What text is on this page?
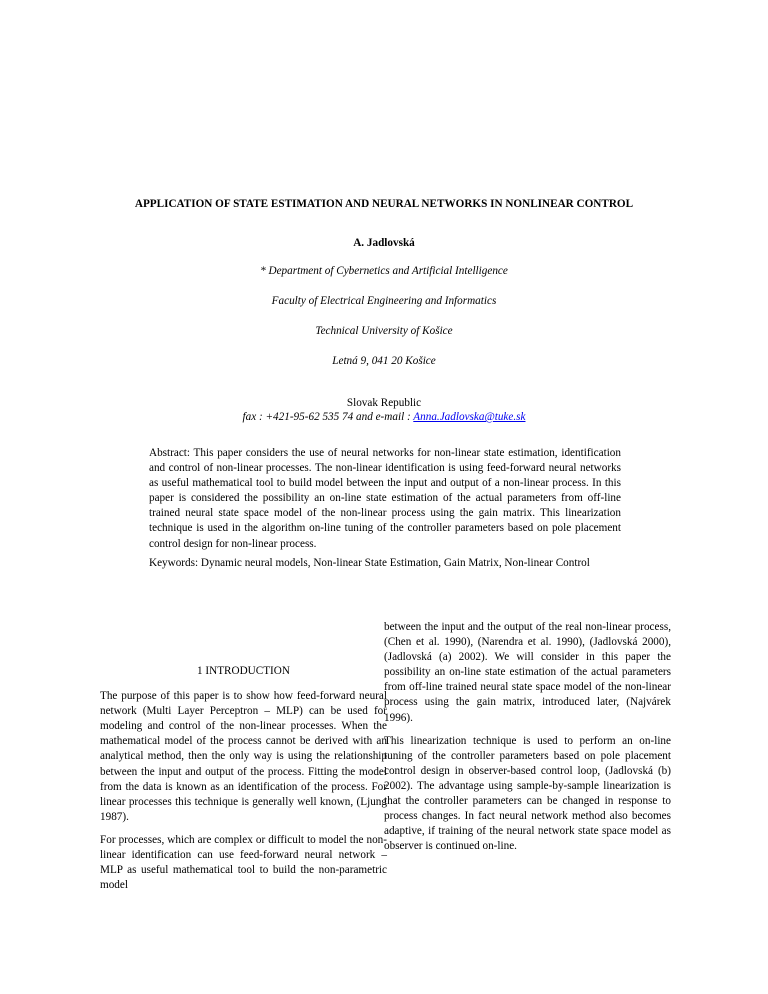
APPLICATION OF STATE ESTIMATION AND NEURAL NETWORKS IN NONLINEAR CONTROL
A. Jadlovská
* Department of Cybernetics and Artificial Intelligence
Faculty of Electrical Engineering and Informatics
Technical University of Košice
Letná 9, 041 20 Košice
Slovak Republic
fax : +421-95-62 535 74 and e-mail : Anna.Jadlovska@tuke.sk
Abstract: This paper considers the use of neural networks for non-linear state estimation, identification and control of non-linear processes. The non-linear identification is using feed-forward neural networks as useful mathematical tool to build model between the input and output of a non-linear process. In this paper is considered the possibility an on-line state estimation of the actual parameters from off-line trained neural state space model of the non-linear process using the gain matrix. This linearization technique is used in the algorithm on-line tuning of the controller parameters based on pole placement control design for non-linear process.
Keywords: Dynamic neural models, Non-linear State Estimation, Gain Matrix, Non-linear Control
1 INTRODUCTION

The purpose of this paper is to show how feed-forward neural network (Multi Layer Perceptron – MLP) can be used for modeling and control of the non-linear processes. When the mathematical model of the process cannot be derived with an analytical method, then the only way is using the relationship between the input and output of the process. Fitting the model from the data is known as an identification of the process. For linear processes this technique is generally well known, (Ljung 1987).

For processes, which are complex or difficult to model the non-linear identification can use feed-forward neural network – MLP as useful mathematical tool to build the non-parametric model

between the input and the output of the real non-linear process, (Chen et al. 1990), (Narendra et al. 1990), (Jadlovská 2000), (Jadlovská (a) 2002). We will consider in this paper the possibility an on-line state estimation of the actual parameters from off-line trained neural state space model of the non-linear process using the gain matrix, introduced later, (Najvárek 1996).

This linearization technique is used to perform an on-line tuning of the controller parameters based on pole placement control design in observer-based control loop, (Jadlovská (b) 2002). The advantage using sample-by-sample linearization is that the controller parameters can be changed in response to process changes. In fact neural network method also becomes adaptive, if training of the neural network state space model as observer is continued on-line.
